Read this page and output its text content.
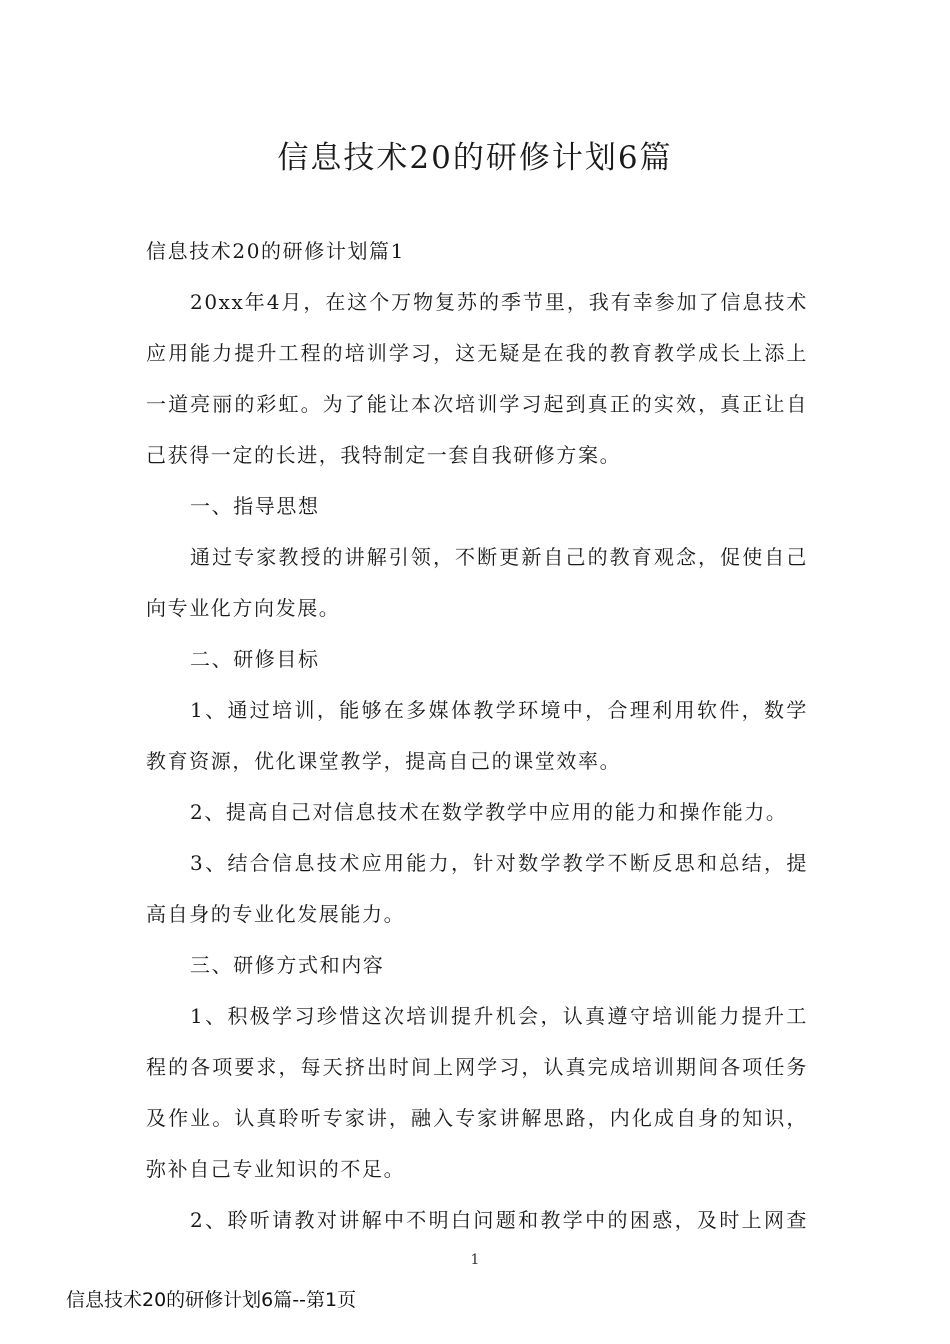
信息技术20的研修计划6篇
信息技术20的研修计划篇1
20xx年4月，在这个万物复苏的季节里，我有幸参加了信息技术
应用能力提升工程的培训学习，这无疑是在我的教育教学成长上添上
一道亮丽的彩虹。为了能让本次培训学习起到真正的实效，真正让自
己获得一定的长进，我特制定一套自我研修方案。
一、指导思想
通过专家教授的讲解引领，不断更新自己的教育观念，促使自己
向专业化方向发展。
二、研修目标
1、通过培训，能够在多媒体教学环境中，合理利用软件，数学
教育资源，优化课堂教学，提高自己的课堂效率。
2、提高自己对信息技术在数学教学中应用的能力和操作能力。
3、结合信息技术应用能力，针对数学教学不断反思和总结，提
高自身的专业化发展能力。
三、研修方式和内容
1、积极学习珍惜这次培训提升机会，认真遵守培训能力提升工
程的各项要求，每天挤出时间上网学习，认真完成培训期间各项任务
及作业。认真聆听专家讲，融入专家讲解思路，内化成自身的知识，
弥补自己专业知识的不足。
2、聆听请教对讲解中不明白问题和教学中的困惑，及时上网查
1
信息技术20的研修计划6篇--第1页
